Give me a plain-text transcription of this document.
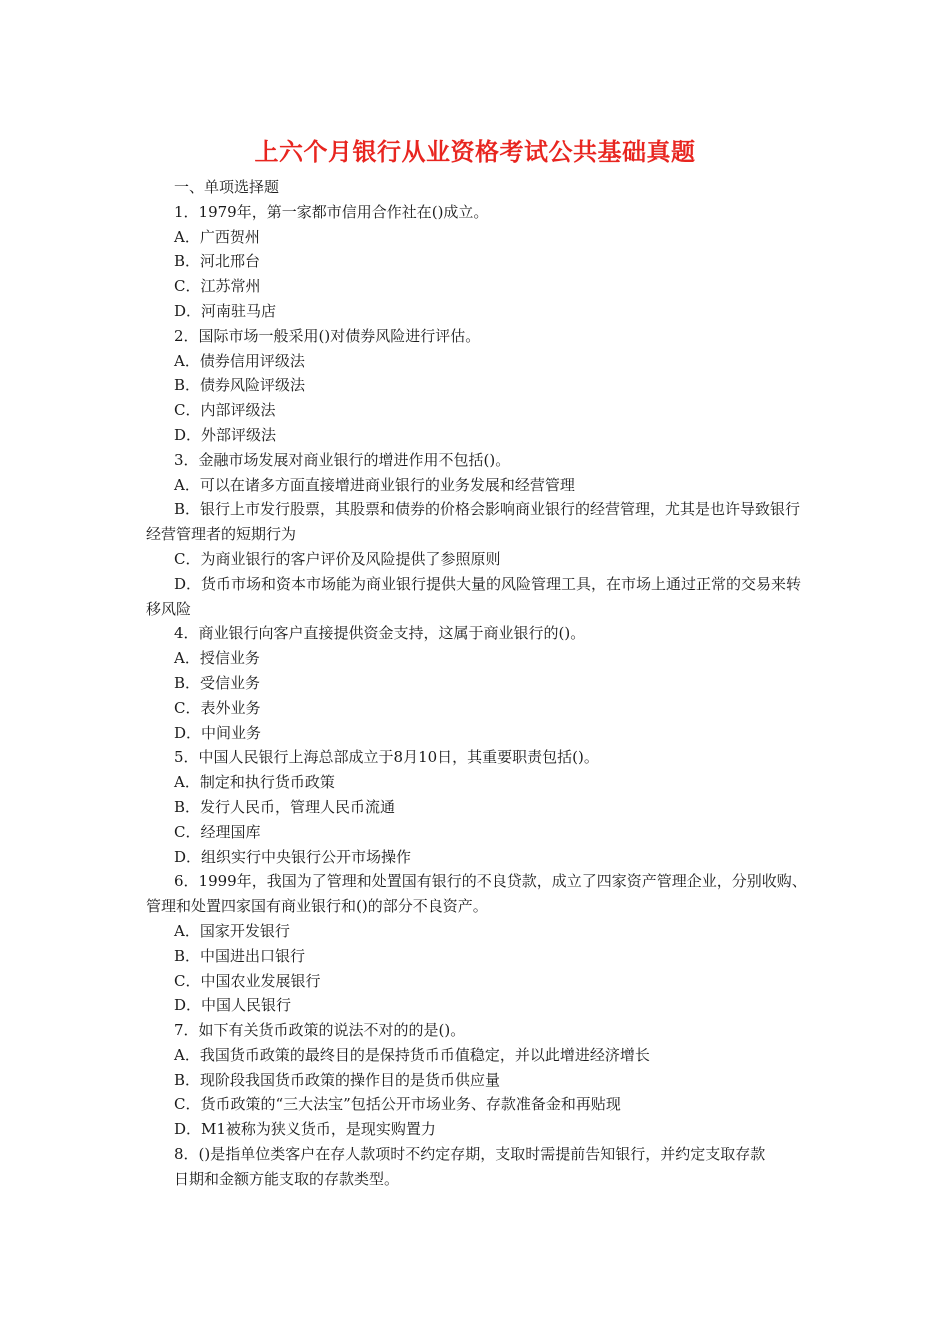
上六个月银行从业资格考试公共基础真题
一、单项选择题
1．1979年，第一家都市信用合作社在()成立。
A．广西贺州
B．河北邢台
C．江苏常州
D．河南驻马店
2．国际市场一般采用()对债券风险进行评估。
A．债券信用评级法
B．债券风险评级法
C．内部评级法
D．外部评级法
3．金融市场发展对商业银行的增进作用不包括()。
A．可以在诸多方面直接增进商业银行的业务发展和经营管理
B．银行上市发行股票，其股票和债券的价格会影响商业银行的经营管理，尤其是也许导致银行经营管理者的短期行为
C．为商业银行的客户评价及风险提供了参照原则
D．货币市场和资本市场能为商业银行提供大量的风险管理工具，在市场上通过正常的交易来转移风险
4．商业银行向客户直接提供资金支持，这属于商业银行的()。
A．授信业务
B．受信业务
C．表外业务
D．中间业务
5．中国人民银行上海总部成立于8月10日，其重要职责包括()。
A．制定和执行货币政策
B．发行人民币，管理人民币流通
C．经理国库
D．组织实行中央银行公开市场操作
6．1999年，我国为了管理和处置国有银行的不良贷款，成立了四家资产管理企业，分别收购、管理和处置四家国有商业银行和()的部分不良资产。
A．国家开发银行
B．中国进出口银行
C．中国农业发展银行
D．中国人民银行
7．如下有关货币政策的说法不对的的是()。
A．我国货币政策的最终目的是保持货币币值稳定，并以此增进经济增长
B．现阶段我国货币政策的操作目的是货币供应量
C．货币政策的“三大法宝”包括公开市场业务、存款准备金和再贴现
D．M1被称为狭义货币，是现实购置力
8．()是指单位类客户在存人款项时不约定存期，支取时需提前告知银行，并约定支取存款
日期和金额方能支取的存款类型。
